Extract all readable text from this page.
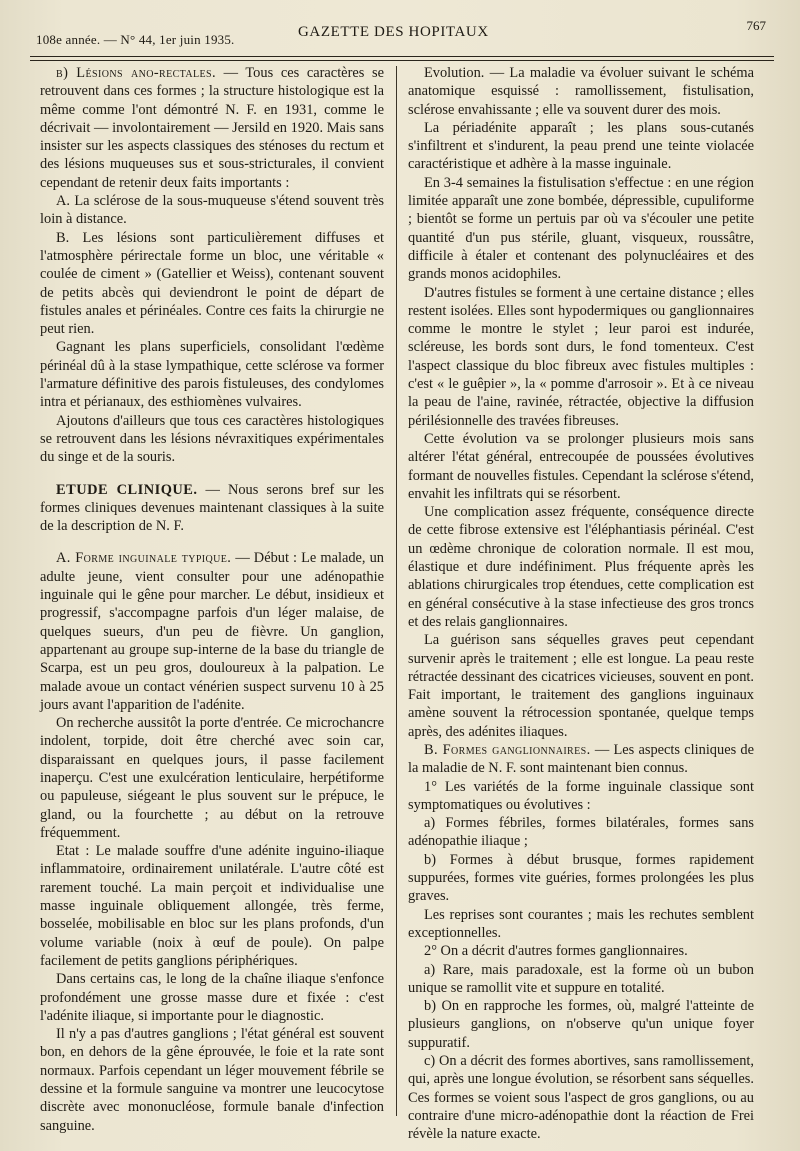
108e année. — N° 44, 1er juin 1935.	GAZETTE DES HOPITAUX	767

b) Lésions ano-rectales. — Tous ces caractères se retrouvent dans ces formes ; la structure histologique est la même comme l'ont démontré N. F. en 1931, comme le décrivait — involontairement — Jersild en 1920. Mais sans insister sur les aspects classiques des sténoses du rectum et des lésions muqueuses sus et sous-stricturales, il convient cependant de retenir deux faits importants :

A. La sclérose de la sous-muqueuse s'étend souvent très loin à distance.

B. Les lésions sont particulièrement diffuses et l'atmosphère périrectale forme un bloc, une véritable « coulée de ciment » (Gatellier et Weiss), contenant souvent de petits abcès qui deviendront le point de départ de fistules anales et périnéales. Contre ces faits la chirurgie ne peut rien.

Gagnant les plans superficiels, consolidant l'œdème périnéal dû à la stase lympathique, cette sclérose va former l'armature définitive des parois fistuleuses, des condylomes intra et périanaux, des esthiomènes vulvaires.

Ajoutons d'ailleurs que tous ces caractères histologiques se retrouvent dans les lésions névraxitiques expérimentales du singe et de la souris.

ETUDE CLINIQUE. — Nous serons bref sur les formes cliniques devenues maintenant classiques à la suite de la description de N. F.

A. Forme inguinale typique. — Début : Le malade, un adulte jeune, vient consulter pour une adénopathie inguinale qui le gêne pour marcher. Le début, insidieux et progressif, s'accompagne parfois d'un léger malaise, de quelques sueurs, d'un peu de fièvre. Un ganglion, appartenant au groupe sup-interne de la base du triangle de Scarpa, est un peu gros, douloureux à la palpation. Le malade avoue un contact vénérien suspect survenu 10 à 25 jours avant l'apparition de l'adénite.

On recherche aussitôt la porte d'entrée. Ce microchancre indolent, torpide, doit être cherché avec soin car, disparaissant en quelques jours, il passe facilement inaperçu. C'est une exulcération lenticulaire, herpétiforme ou papuleuse, siégeant le plus souvent sur le prépuce, le gland, ou la fourchette ; au début on la retrouve fréquemment.

Etat : Le malade souffre d'une adénite inguino-iliaque inflammatoire, ordinairement unilatérale. L'autre côté est rarement touché. La main perçoit et individualise une masse inguinale obliquement allongée, très ferme, bosselée, mobilisable en bloc sur les plans profonds, d'un volume variable (noix à œuf de poule). On palpe facilement de petits ganglions périphériques.

Dans certains cas, le long de la chaîne iliaque s'enfonce profondément une grosse masse dure et fixée : c'est l'adénite iliaque, si importante pour le diagnostic.

Il n'y a pas d'autres ganglions ; l'état général est souvent bon, en dehors de la gêne éprouvée, le foie et la rate sont normaux. Parfois cependant un léger mouvement fébrile se dessine et la formule sanguine va montrer une leucocytose discrète avec mononucléose, formule banale d'infection sanguine.

Evolution. — La maladie va évoluer suivant le schéma anatomique esquissé : ramollissement, fistulisation, sclérose envahissante ; elle va souvent durer des mois.

La périadénite apparaît ; les plans sous-cutanés s'infiltrent et s'indurent, la peau prend une teinte violacée caractéristique et adhère à la masse inguinale.

En 3-4 semaines la fistulisation s'effectue : en une région limitée apparaît une zone bombée, dépressible, cupuliforme ; bientôt se forme un pertuis par où va s'écouler une petite quantité d'un pus stérile, gluant, visqueux, roussâtre, difficile à étaler et contenant des polynucléaires et des grands monos acidophiles.

D'autres fistules se forment à une certaine distance ; elles restent isolées. Elles sont hypodermiques ou ganglionnaires comme le montre le stylet ; leur paroi est indurée, scléreuse, les bords sont durs, le fond tomenteux. C'est l'aspect classique du bloc fibreux avec fistules multiples : c'est « le guêpier », la « pomme d'arrosoir ». Et à ce niveau la peau de l'aine, ravinée, rétractée, objective la diffusion périlésionnelle des travées fibreuses.

Cette évolution va se prolonger plusieurs mois sans altérer l'état général, entrecoupée de poussées évolutives formant de nouvelles fistules. Cependant la sclérose s'étend, envahit les infiltrats qui se résorbent.

Une complication assez fréquente, conséquence directe de cette fibrose extensive est l'éléphantiasis périnéal. C'est un œdème chronique de coloration normale. Il est mou, élastique et dure indéfiniment. Plus fréquente après les ablations chirurgicales trop étendues, cette complication est en général consécutive à la stase infectieuse des gros troncs et des relais ganglionnaires.

La guérison sans séquelles graves peut cependant survenir après le traitement ; elle est longue. La peau reste rétractée dessinant des cicatrices vicieuses, souvent en pont. Fait important, le traitement des ganglions inguinaux amène souvent la rétrocession spontanée, quelque temps après, des adénites iliaques.

B. Formes ganglionnaires. — Les aspects cliniques de la maladie de N. F. sont maintenant bien connus.

1° Les variétés de la forme inguinale classique sont symptomatiques ou évolutives :

a) Formes fébriles, formes bilatérales, formes sans adénopathie iliaque ;

b) Formes à début brusque, formes rapidement suppurées, formes vite guéries, formes prolongées les plus graves.

Les reprises sont courantes ; mais les rechutes semblent exceptionnelles.

2° On a décrit d'autres formes ganglionnaires.

a) Rare, mais paradoxale, est la forme où un bubon unique se ramollit vite et suppure en totalité.

b) On en rapproche les formes, où, malgré l'atteinte de plusieurs ganglions, on n'observe qu'un unique foyer suppuratif.

c) On a décrit des formes abortives, sans ramollissement, qui, après une longue évolution, se résorbent sans séquelles. Ces formes se voient sous l'aspect de gros ganglions, ou au contraire d'une micro-adénopathie dont la réaction de Frei révèle la nature exacte.
